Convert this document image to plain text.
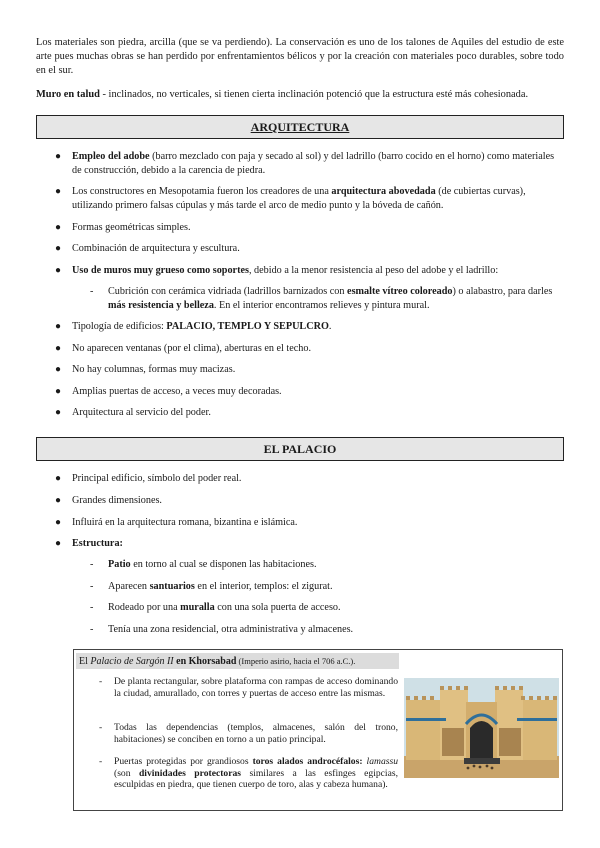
Los materiales son piedra, arcilla (que se va perdiendo). La conservación es uno de los talones de Aquiles del estudio de este arte pues muchas obras se han perdido por enfrentamientos bélicos y por la creación con materiales poco durables, sobre todo en el sur.

Muro en talud - inclinados, no verticales, si tienen cierta inclinación potenció que la estructura esté más cohesionada.

ARQUITECTURA
● Empleo del adobe (barro mezclado con paja y secado al sol) y del ladrillo (barro cocido en el horno) como materiales de construcción, debido a la carencia de piedra.
● Los constructores en Mesopotamia fueron los creadores de una arquitectura abovedada (de cubiertas curvas), utilizando primero falsas cúpulas y más tarde el arco de medio punto y la bóveda de cañón.
● Formas geométricas simples.
● Combinación de arquitectura y escultura.
● Uso de muros muy grueso como soportes, debido a la menor resistencia al peso del adobe y el ladrillo:
● Tipología de edificios: PALACIO, TEMPLO Y SEPULCRO.
● No aparecen ventanas (por el clima), aberturas en el techo.
● No hay columnas, formas muy macizas.
● Amplias puertas de acceso, a veces muy decoradas.
● Arquitectura al servicio del poder.
- Cubrición con cerámica vidriada (ladrillos barnizados con esmalte vítreo coloreado) o alabastro, para darles más resistencia y belleza. En el interior encontramos relieves y pintura mural.
EL PALACIO
● Principal edificio, símbolo del poder real.
● Grandes dimensiones.
● Influirá en la arquitectura romana, bizantina e islámica.
● Estructura:
- Patio en torno al cual se disponen las habitaciones.
- Aparecen santuarios en el interior, templos: el zigurat.
- Rodeado por una muralla con una sola puerta de acceso.
- Tenía una zona residencial, otra administrativa y almacenes.
El Palacio de Sargón II en Khorsabad (Imperio asirio, hacia el 706 a.C.).
- De planta rectangular, sobre plataforma con rampas de acceso dominando la ciudad, amurallado, con torres y puertas de acceso entre las mismas.
- Todas las dependencias (templos, almacenes, salón del trono, habitaciones) se conciben en torno a un patio principal.
- Puertas protegidas por grandiosos toros alados androcéfalos: lamassu (son divinidades protectoras similares a las esfinges egipcias, esculpidas en piedra, que tienen cuerpo de toro, alas y cabeza humana).
